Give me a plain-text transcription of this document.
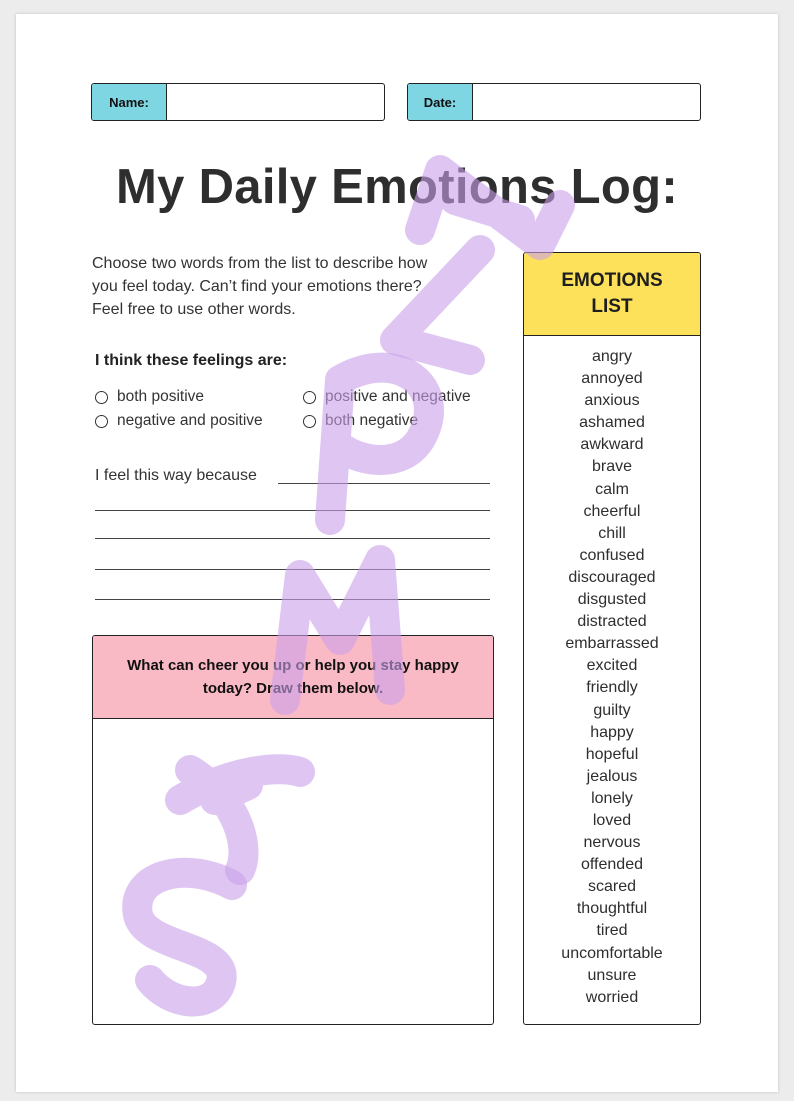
Name:	Date:
My Daily Emotions Log:
Choose two words from the list to describe how
you feel today. Can’t find your emotions there?
Feel free to use other words.
I think these feelings are:
both positive	positive and negative
negative and positive	both negative
I feel this way because
What can cheer you up or help you stay happy
today? Draw them below.
EMOTIONS
LIST
angry
annoyed
anxious
ashamed
awkward
brave
calm
cheerful
chill
confused
discouraged
disgusted
distracted
embarrassed
excited
friendly
guilty
happy
hopeful
jealous
lonely
loved
nervous
offended
scared
thoughtful
tired
uncomfortable
unsure
worried
